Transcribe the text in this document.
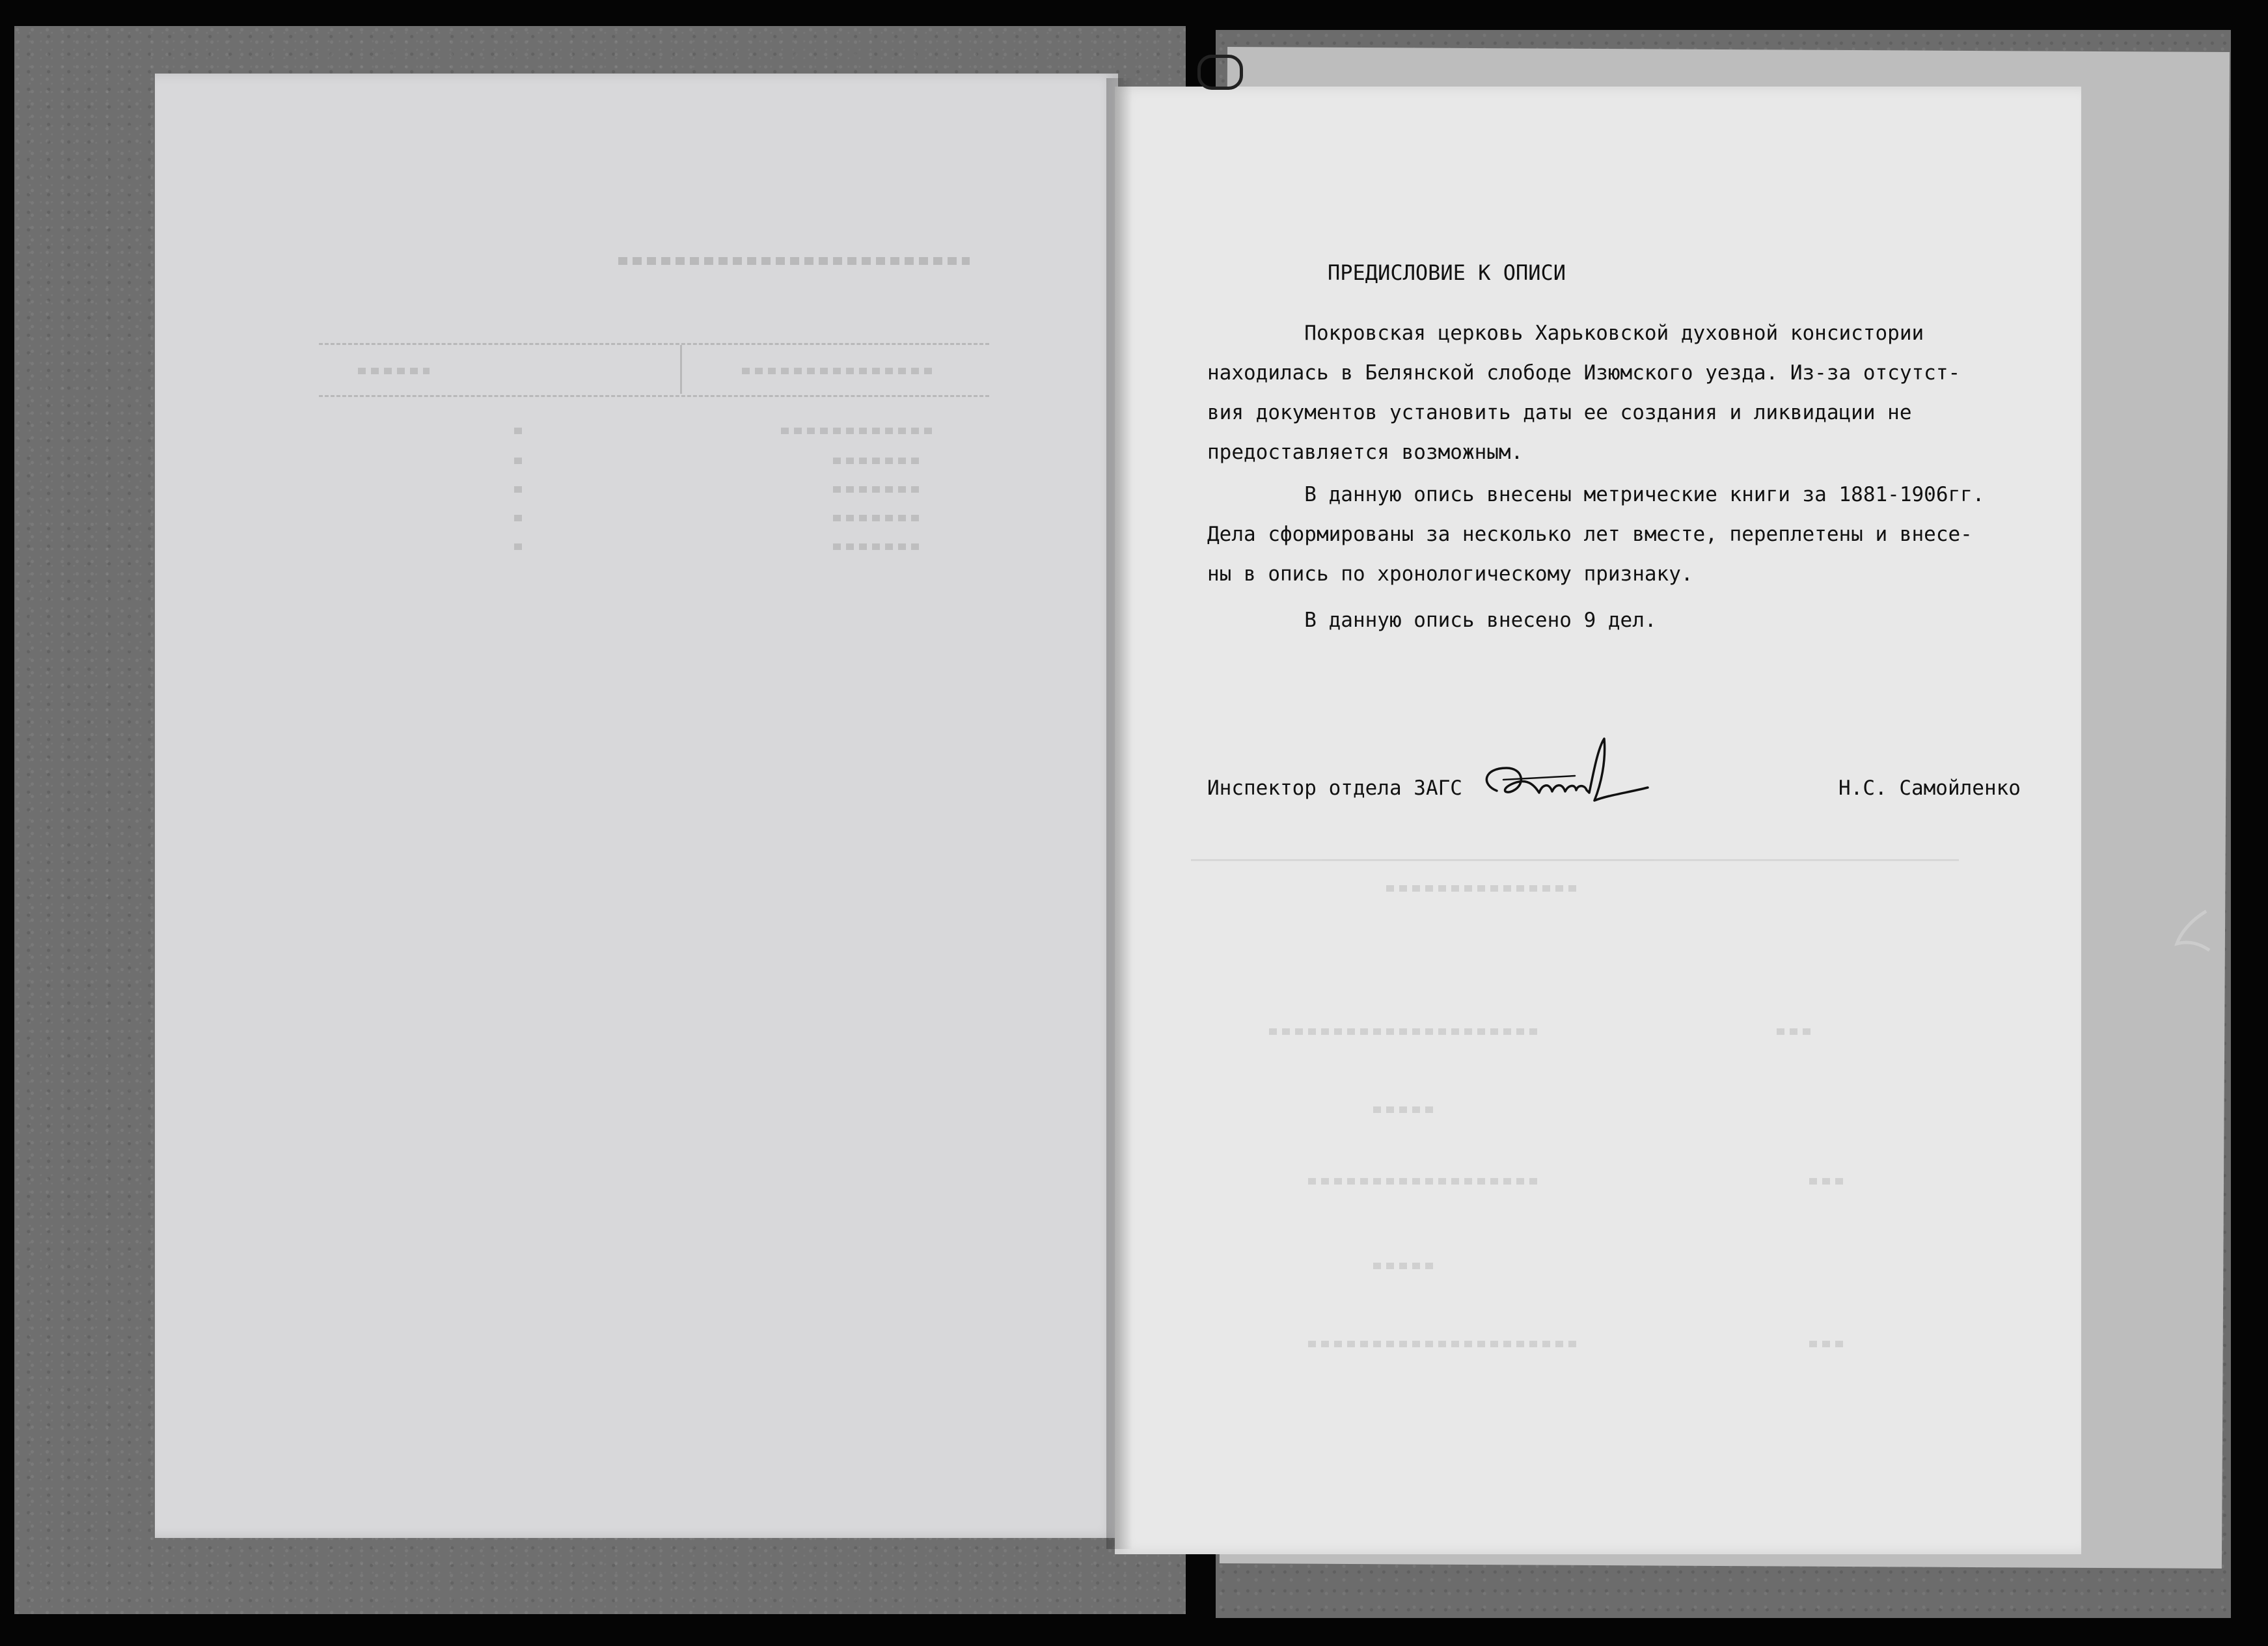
ПРЕДИСЛОВИЕ К ОПИСИ
Покровская церковь Харьковской духовной консистории
находилась в Белянской слободе Изюмского уезда. Из-за отсутст-
вия документов установить даты ее создания и ликвидации не
предоставляется возможным.
В данную опись внесены метрические книги за 1881-1906гг.
Дела сформированы за несколько лет вместе, переплетены и внесе-
ны в опись по хронологическому признаку.
В данную опись внесено 9 дел.
Инспектор отдела ЗАГС	Н.С. Самойленко
